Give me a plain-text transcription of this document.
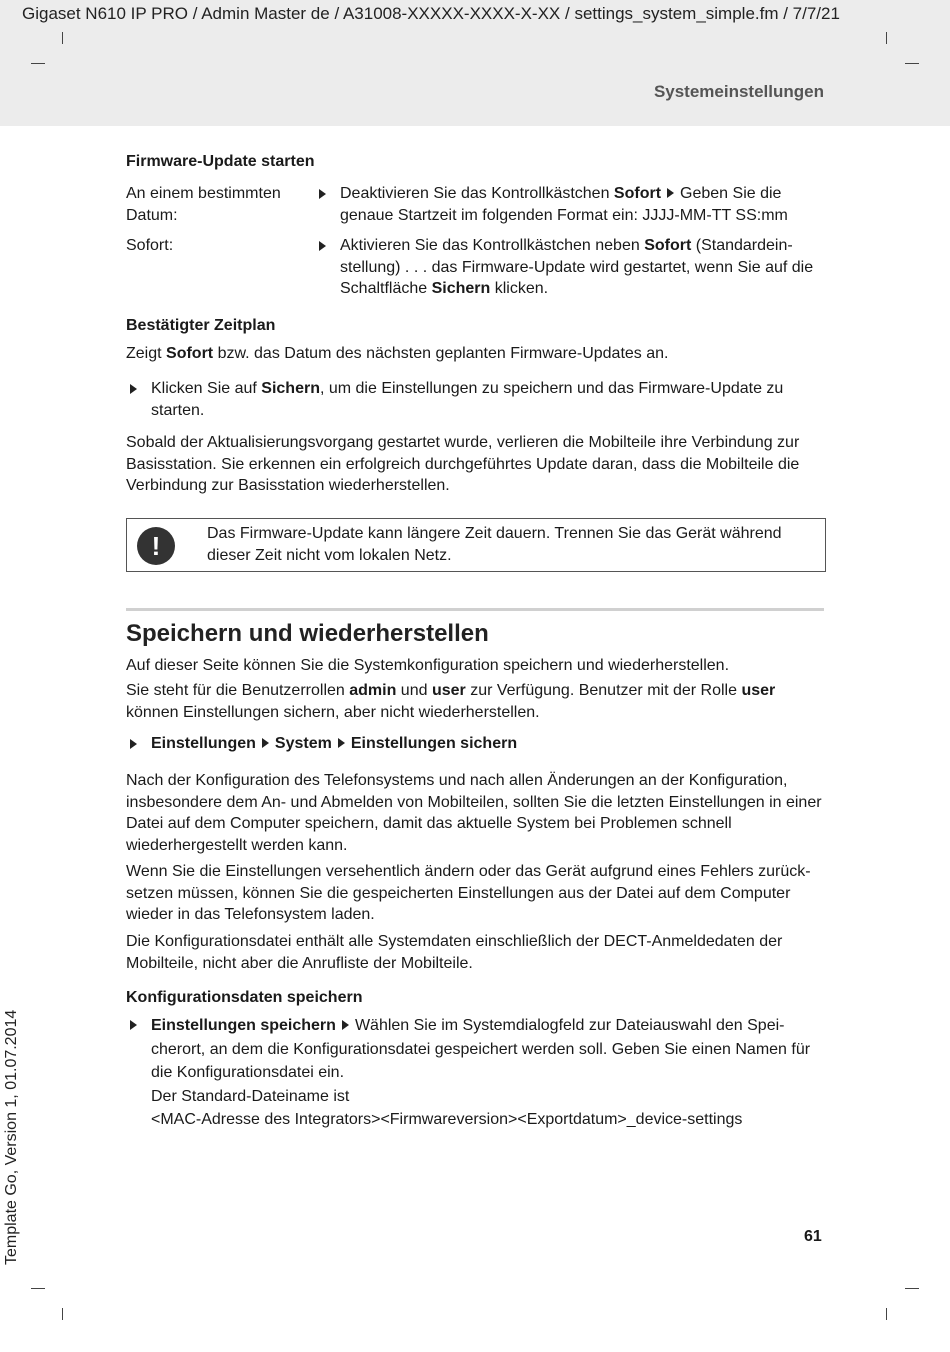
Gigaset N610 IP PRO / Admin Master de / A31008-XXXXX-XXXX-X-XX / settings_system_simple.fm / 7/7/21
Systemeinstellungen
Firmware-Update starten
An einem bestimmten Datum:
Deaktivieren Sie das Kontrollkästchen Sofort Geben Sie die genaue Startzeit im folgenden Format ein: JJJJ-MM-TT SS:mm
Sofort:	Aktivieren Sie das Kontrollkästchen neben Sofort (Standardein-stellung) . . . das Firmware-Update wird gestartet, wenn Sie auf die Schaltfläche Sichern klicken.
Bestätigter Zeitplan
Zeigt Sofort bzw. das Datum des nächsten geplanten Firmware-Updates an.
Klicken Sie auf Sichern, um die Einstellungen zu speichern und das Firmware-Update zu starten.
Sobald der Aktualisierungsvorgang gestartet wurde, verlieren die Mobilteile ihre Verbindung zur Basisstation. Sie erkennen ein erfolgreich durchgeführtes Update daran, dass die Mobilteile die Verbindung zur Basisstation wiederherstellen.
!	Das Firmware-Update kann längere Zeit dauern. Trennen Sie das Gerät während dieser Zeit nicht vom lokalen Netz.
Speichern und wiederherstellen
Auf dieser Seite können Sie die Systemkonfiguration speichern und wiederherstellen.
Sie steht für die Benutzerrollen admin und user zur Verfügung. Benutzer mit der Rolle user können Einstellungen sichern, aber nicht wiederherstellen.
Einstellungen System Einstellungen sichern
Nach der Konfiguration des Telefonsystems und nach allen Änderungen an der Konfiguration, insbesondere dem An- und Abmelden von Mobilteilen, sollten Sie die letzten Einstellungen in einer Datei auf dem Computer speichern, damit das aktuelle System bei Problemen schnell wiederhergestellt werden kann.
Wenn Sie die Einstellungen versehentlich ändern oder das Gerät aufgrund eines Fehlers zurück-setzen müssen, können Sie die gespeicherten Einstellungen aus der Datei auf dem Computer wieder in das Telefonsystem laden.
Die Konfigurationsdatei enthält alle Systemdaten einschließlich der DECT-Anmeldedaten der Mobilteile, nicht aber die Anrufliste der Mobilteile.
Konfigurationsdaten speichern
Einstellungen speichern Wählen Sie im Systemdialogfeld zur Dateiauswahl den Spei-cherort, an dem die Konfigurationsdatei gespeichert werden soll. Geben Sie einen Namen für die Konfigurationsdatei ein.
Der Standard-Dateiname ist
<MAC-Adresse des Integrators><Firmwareversion><Exportdatum>_device-settings
61
Template Go, Version 1, 01.07.2014
